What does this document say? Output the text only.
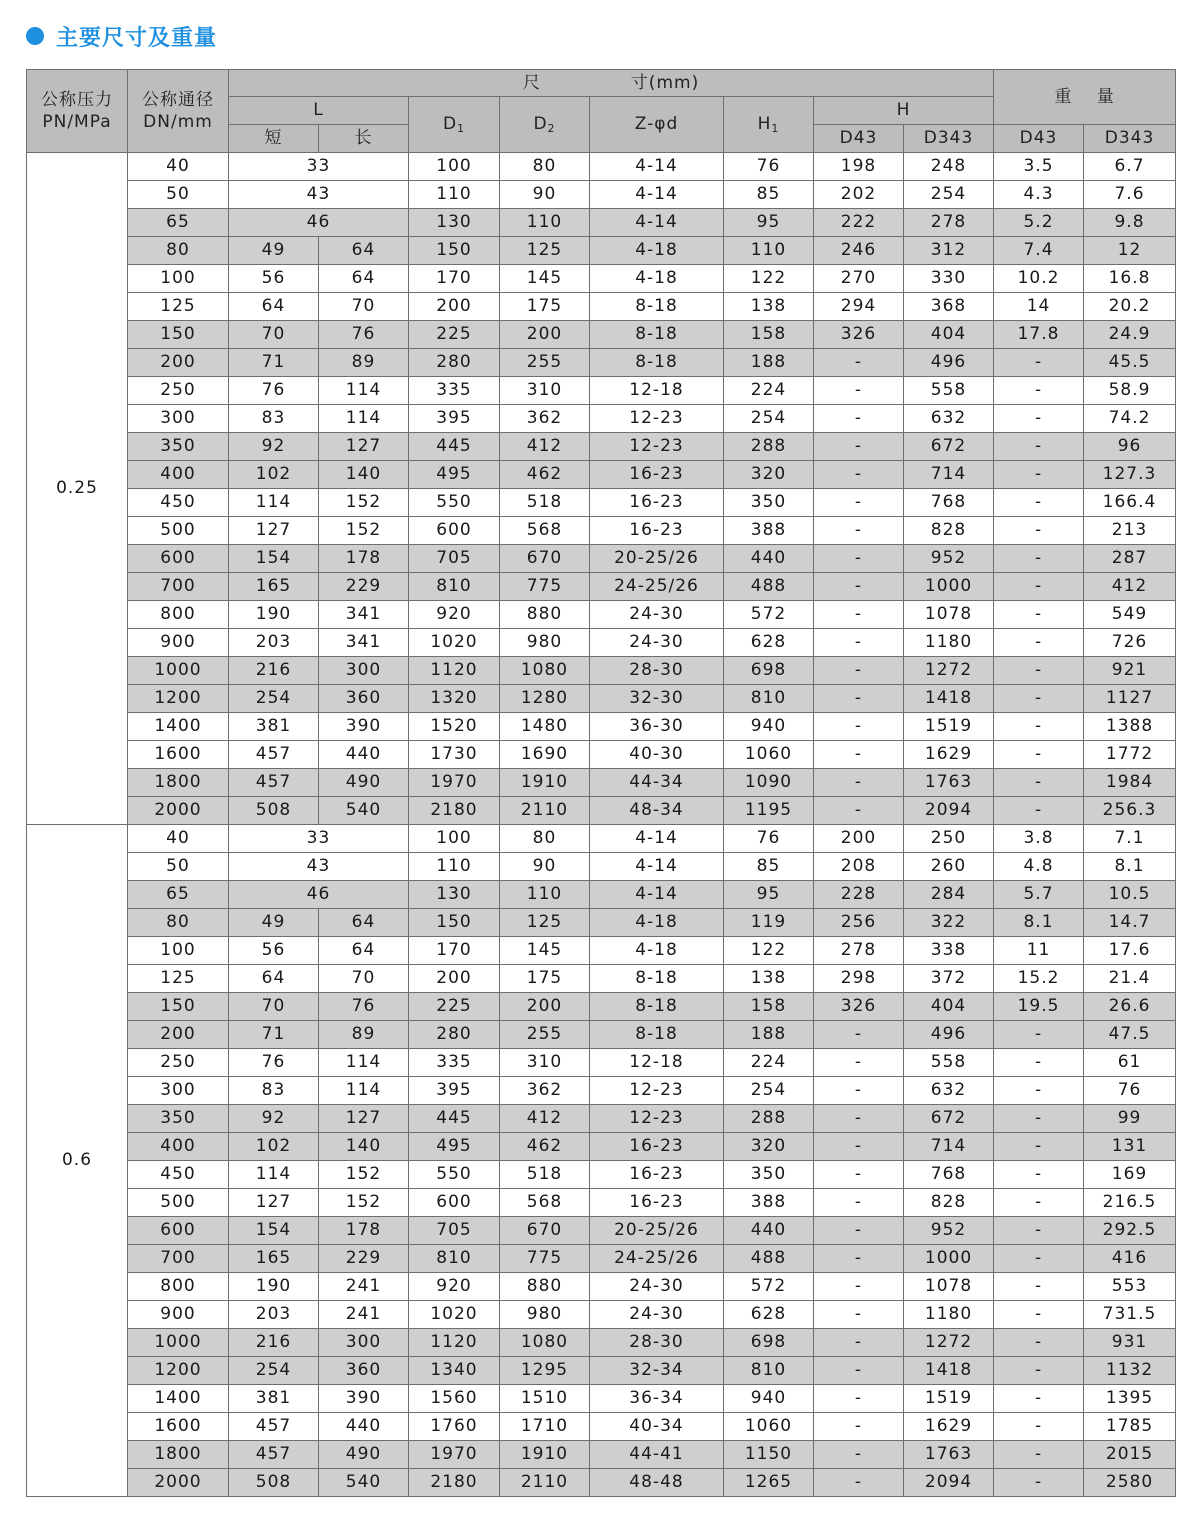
主要尺寸及重量
公称压力
PN/MPa	公称通径
DN/mm	尺　　　　　寸(mm)								重　 量	
		L		D1	D2	Z-φd	H1	H			
		短	长					D43	D343	D43	D343
0.25	40	33		100	80	4-14	76	198	248	3.5	6.7
	50	43		110	90	4-14	85	202	254	4.3	7.6
	65	46		130	110	4-14	95	222	278	5.2	9.8
	80	49	64	150	125	4-18	110	246	312	7.4	12
	100	56	64	170	145	4-18	122	270	330	10.2	16.8
	125	64	70	200	175	8-18	138	294	368	14	20.2
	150	70	76	225	200	8-18	158	326	404	17.8	24.9
	200	71	89	280	255	8-18	188	-	496	-	45.5
	250	76	114	335	310	12-18	224	-	558	-	58.9
	300	83	114	395	362	12-23	254	-	632	-	74.2
	350	92	127	445	412	12-23	288	-	672	-	96
	400	102	140	495	462	16-23	320	-	714	-	127.3
	450	114	152	550	518	16-23	350	-	768	-	166.4
	500	127	152	600	568	16-23	388	-	828	-	213
	600	154	178	705	670	20-25/26	440	-	952	-	287
	700	165	229	810	775	24-25/26	488	-	1000	-	412
	800	190	341	920	880	24-30	572	-	1078	-	549
	900	203	341	1020	980	24-30	628	-	1180	-	726
	1000	216	300	1120	1080	28-30	698	-	1272	-	921
	1200	254	360	1320	1280	32-30	810	-	1418	-	1127
	1400	381	390	1520	1480	36-30	940	-	1519	-	1388
	1600	457	440	1730	1690	40-30	1060	-	1629	-	1772
	1800	457	490	1970	1910	44-34	1090	-	1763	-	1984
	2000	508	540	2180	2110	48-34	1195	-	2094	-	256.3
0.6	40	33		100	80	4-14	76	200	250	3.8	7.1
	50	43		110	90	4-14	85	208	260	4.8	8.1
	65	46		130	110	4-14	95	228	284	5.7	10.5
	80	49	64	150	125	4-18	119	256	322	8.1	14.7
	100	56	64	170	145	4-18	122	278	338	11	17.6
	125	64	70	200	175	8-18	138	298	372	15.2	21.4
	150	70	76	225	200	8-18	158	326	404	19.5	26.6
	200	71	89	280	255	8-18	188	-	496	-	47.5
	250	76	114	335	310	12-18	224	-	558	-	61
	300	83	114	395	362	12-23	254	-	632	-	76
	350	92	127	445	412	12-23	288	-	672	-	99
	400	102	140	495	462	16-23	320	-	714	-	131
	450	114	152	550	518	16-23	350	-	768	-	169
	500	127	152	600	568	16-23	388	-	828	-	216.5
	600	154	178	705	670	20-25/26	440	-	952	-	292.5
	700	165	229	810	775	24-25/26	488	-	1000	-	416
	800	190	241	920	880	24-30	572	-	1078	-	553
	900	203	241	1020	980	24-30	628	-	1180	-	731.5
	1000	216	300	1120	1080	28-30	698	-	1272	-	931
	1200	254	360	1340	1295	32-34	810	-	1418	-	1132
	1400	381	390	1560	1510	36-34	940	-	1519	-	1395
	1600	457	440	1760	1710	40-34	1060	-	1629	-	1785
	1800	457	490	1970	1910	44-41	1150	-	1763	-	2015
	2000	508	540	2180	2110	48-48	1265	-	2094	-	2580
